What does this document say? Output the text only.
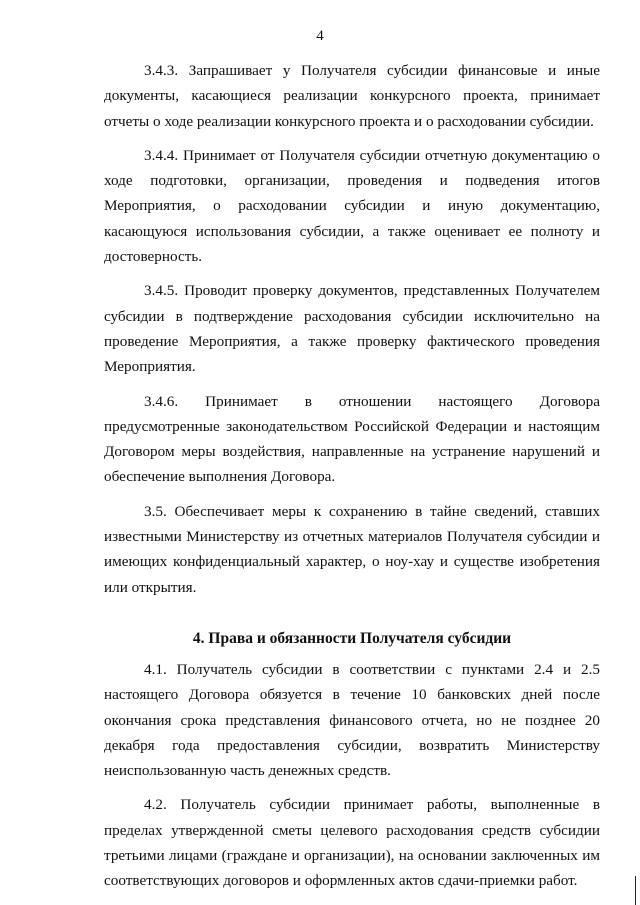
4

3.4.3. Запрашивает у Получателя субсидии финансовые и иные документы, касающиеся реализации конкурсного проекта, принимает отчеты о ходе реализации конкурсного проекта и о расходовании субсидии.

3.4.4. Принимает от Получателя субсидии отчетную документацию о ходе подготовки, организации, проведения и подведения итогов Мероприятия, о расходовании субсидии и иную документацию, касающуюся использования субсидии, а также оценивает ее полноту и достоверность.

3.4.5. Проводит проверку документов, представленных Получателем субсидии в подтверждение расходования субсидии исключительно на проведение Мероприятия, а также проверку фактического проведения Мероприятия.

3.4.6. Принимает в отношении настоящего Договора предусмотренные законодательством Российской Федерации и настоящим Договором меры воздействия, направленные на устранение нарушений и обеспечение выполнения Договора.

3.5. Обеспечивает меры к сохранению в тайне сведений, ставших известными Министерству из отчетных материалов Получателя субсидии и имеющих конфиденциальный характер, о ноу-хау и существе изобретения или открытия.

4. Права и обязанности Получателя субсидии

4.1. Получатель субсидии в соответствии с пунктами 2.4 и 2.5 настоящего Договора обязуется в течение 10 банковских дней после окончания срока представления финансового отчета, но не позднее 20 декабря года предоставления субсидии, возвратить Министерству неиспользованную часть денежных средств.

4.2. Получатель субсидии принимает работы, выполненные в пределах утвержденной сметы целевого расходования средств субсидии третьими лицами (граждане и организации), на основании заключенных им соответствующих договоров и оформленных актов сдачи-приемки работ.
